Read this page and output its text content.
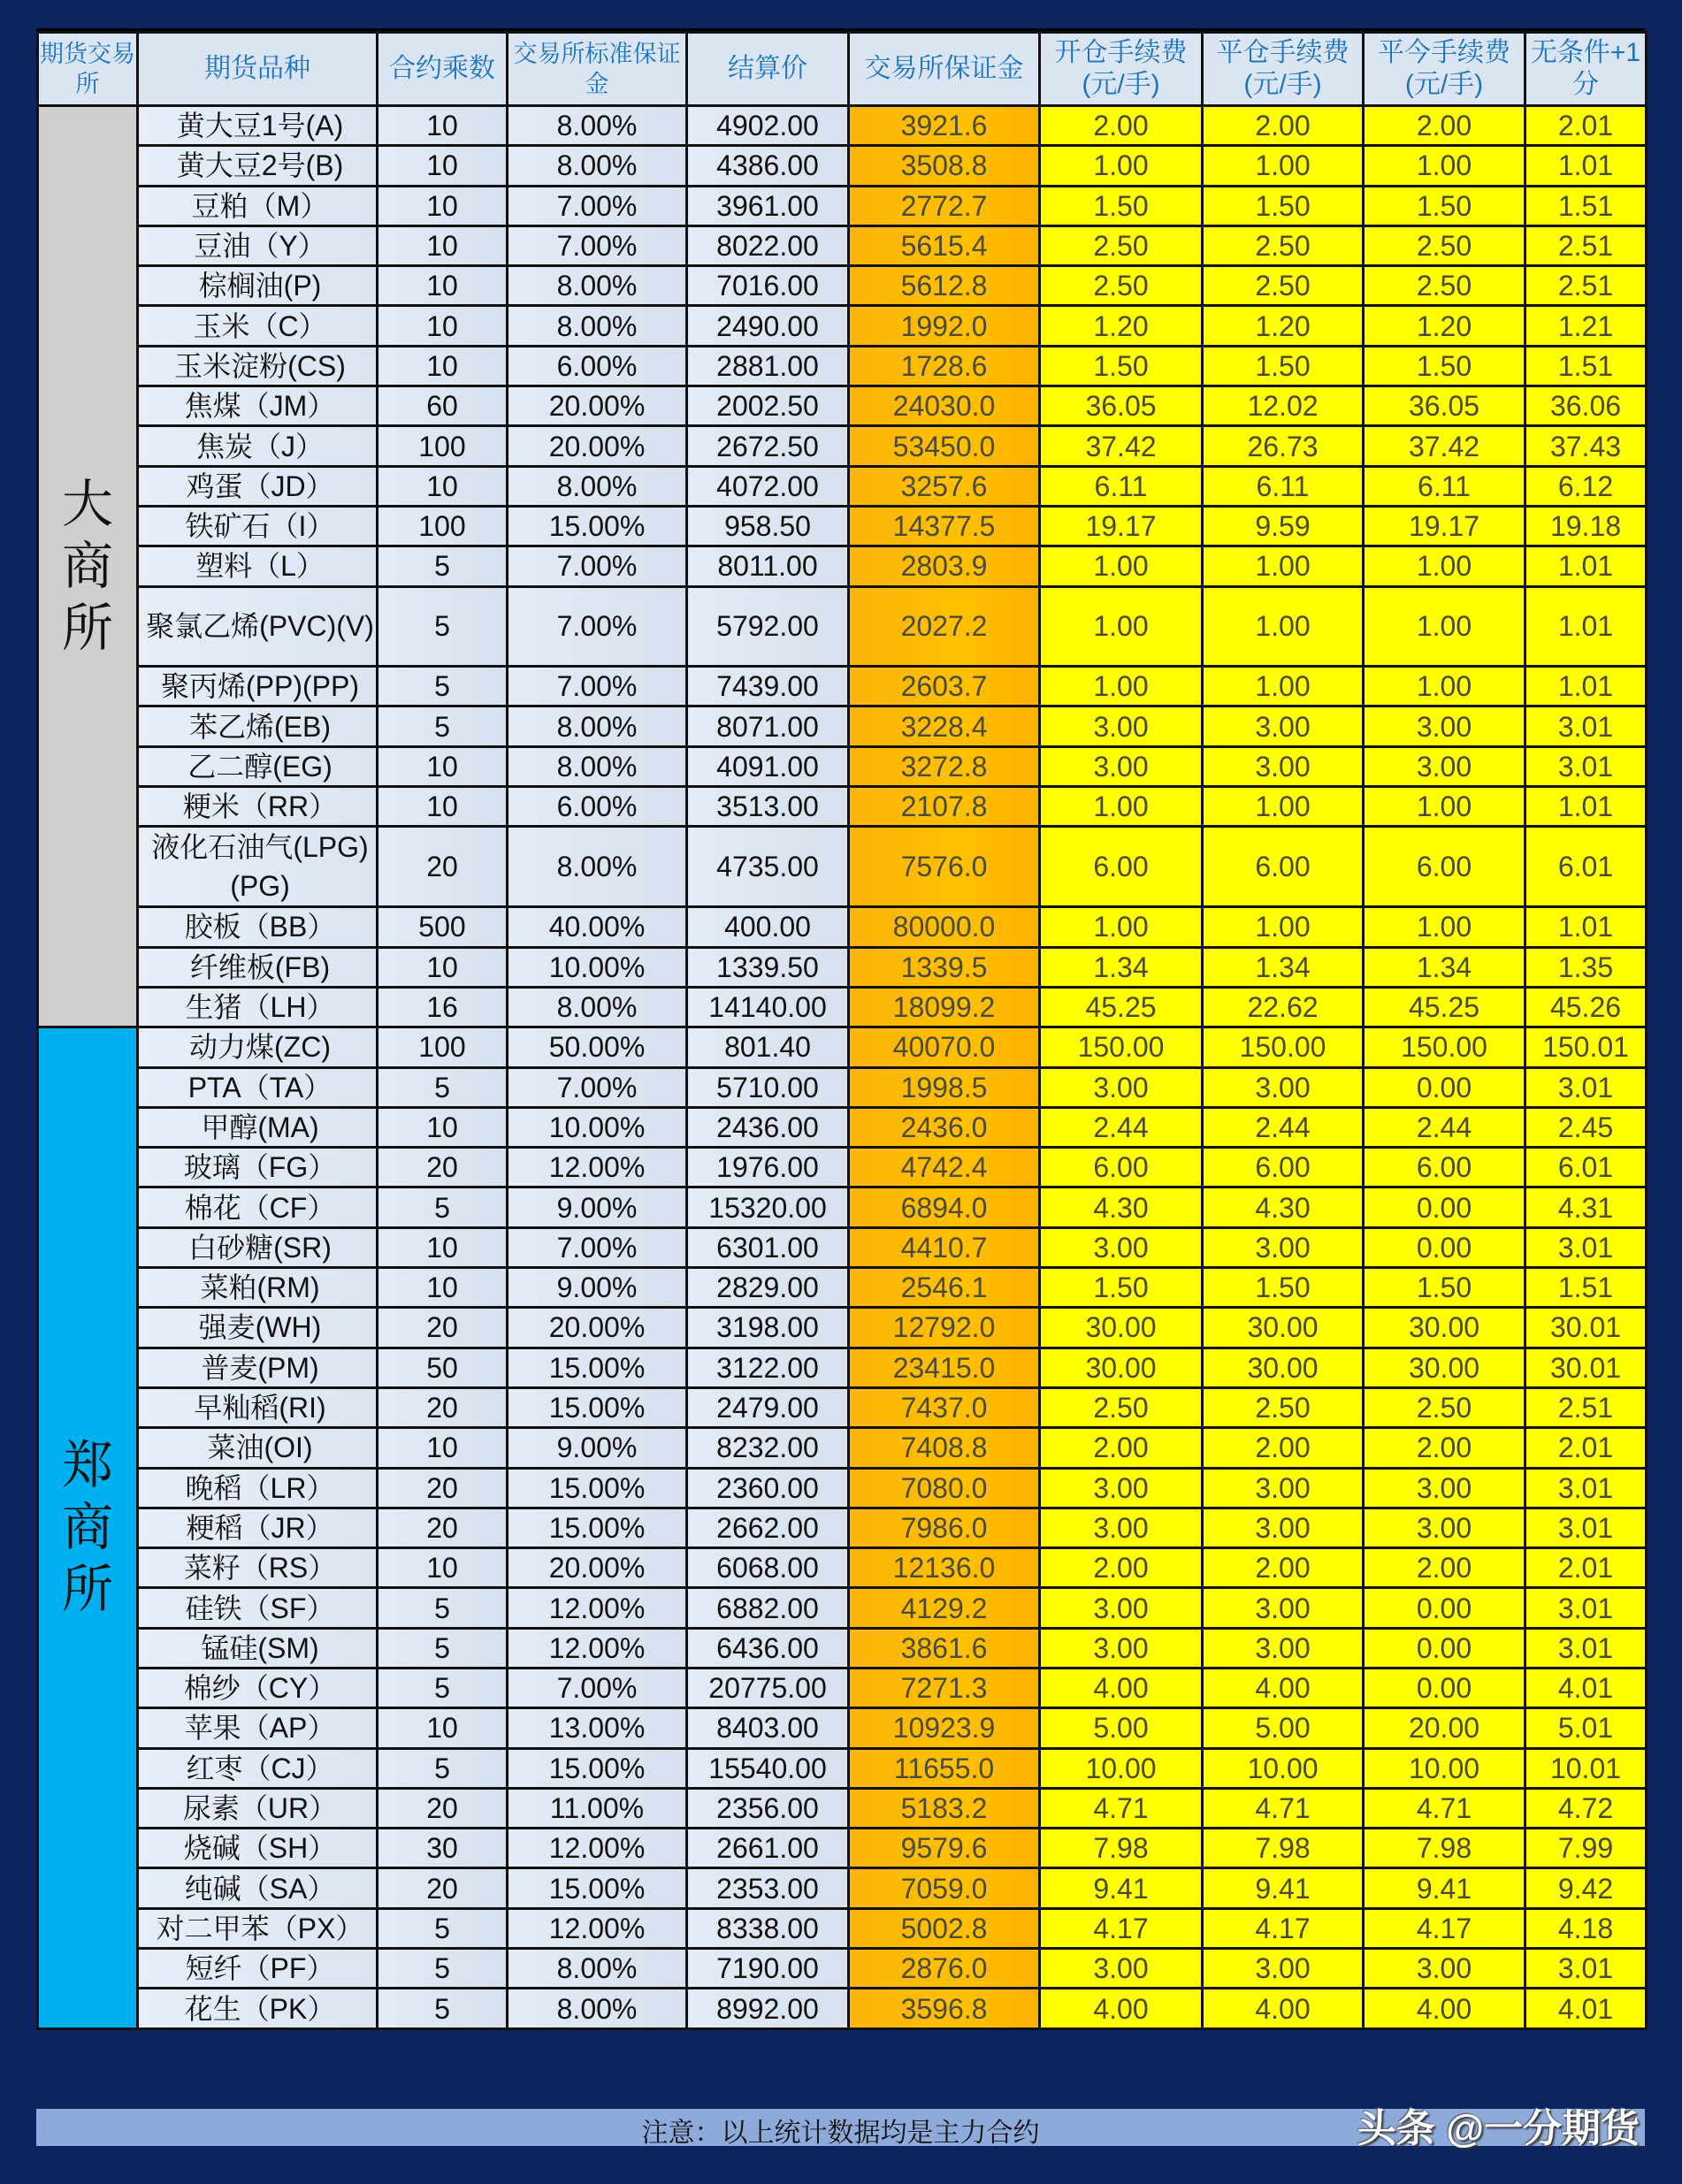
期货交易所	期货品种	合约乘数	交易所标准保证金	结算价	交易所保证金	开仓手续费(元/手)	平仓手续费(元/手)	平今手续费(元/手)	无条件+1分
大
商
所	黄大豆1号(A)	10	8.00%	4902.00	3921.6	2.00	2.00	2.00	2.01
	黄大豆2号(B)	10	8.00%	4386.00	3508.8	1.00	1.00	1.00	1.01
	豆粕（M）	10	7.00%	3961.00	2772.7	1.50	1.50	1.50	1.51
	豆油（Y）	10	7.00%	8022.00	5615.4	2.50	2.50	2.50	2.51
	棕榈油(P)	10	8.00%	7016.00	5612.8	2.50	2.50	2.50	2.51
	玉米（C）	10	8.00%	2490.00	1992.0	1.20	1.20	1.20	1.21
	玉米淀粉(CS)	10	6.00%	2881.00	1728.6	1.50	1.50	1.50	1.51
	焦煤（JM）	60	20.00%	2002.50	24030.0	36.05	12.02	36.05	36.06
	焦炭（J）	100	20.00%	2672.50	53450.0	37.42	26.73	37.42	37.43
	鸡蛋（JD）	10	8.00%	4072.00	3257.6	6.11	6.11	6.11	6.12
	铁矿石（I）	100	15.00%	958.50	14377.5	19.17	9.59	19.17	19.18
	塑料（L）	5	7.00%	8011.00	2803.9	1.00	1.00	1.00	1.01
	聚氯乙烯(PVC)(V)	5	7.00%	5792.00	2027.2	1.00	1.00	1.00	1.01
	聚丙烯(PP)(PP)	5	7.00%	7439.00	2603.7	1.00	1.00	1.00	1.01
	苯乙烯(EB)	5	8.00%	8071.00	3228.4	3.00	3.00	3.00	3.01
	乙二醇(EG)	10	8.00%	4091.00	3272.8	3.00	3.00	3.00	3.01
	粳米（RR）	10	6.00%	3513.00	2107.8	1.00	1.00	1.00	1.01
	液化石油气(LPG)(PG)	20	8.00%	4735.00	7576.0	6.00	6.00	6.00	6.01
	胶板（BB）	500	40.00%	400.00	80000.0	1.00	1.00	1.00	1.01
	纤维板(FB)	10	10.00%	1339.50	1339.5	1.34	1.34	1.34	1.35
	生猪（LH）	16	8.00%	14140.00	18099.2	45.25	22.62	45.25	45.26
郑
商
所	动力煤(ZC)	100	50.00%	801.40	40070.0	150.00	150.00	150.00	150.01
	PTA（TA）	5	7.00%	5710.00	1998.5	3.00	3.00	0.00	3.01
	甲醇(MA)	10	10.00%	2436.00	2436.0	2.44	2.44	2.44	2.45
	玻璃（FG）	20	12.00%	1976.00	4742.4	6.00	6.00	6.00	6.01
	棉花（CF）	5	9.00%	15320.00	6894.0	4.30	4.30	0.00	4.31
	白砂糖(SR)	10	7.00%	6301.00	4410.7	3.00	3.00	0.00	3.01
	菜粕(RM)	10	9.00%	2829.00	2546.1	1.50	1.50	1.50	1.51
	强麦(WH)	20	20.00%	3198.00	12792.0	30.00	30.00	30.00	30.01
	普麦(PM)	50	15.00%	3122.00	23415.0	30.00	30.00	30.00	30.01
	早籼稻(RI)	20	15.00%	2479.00	7437.0	2.50	2.50	2.50	2.51
	菜油(OI)	10	9.00%	8232.00	7408.8	2.00	2.00	2.00	2.01
	晚稻（LR）	20	15.00%	2360.00	7080.0	3.00	3.00	3.00	3.01
	粳稻（JR）	20	15.00%	2662.00	7986.0	3.00	3.00	3.00	3.01
	菜籽（RS）	10	20.00%	6068.00	12136.0	2.00	2.00	2.00	2.01
	硅铁（SF）	5	12.00%	6882.00	4129.2	3.00	3.00	0.00	3.01
	锰硅(SM)	5	12.00%	6436.00	3861.6	3.00	3.00	0.00	3.01
	棉纱（CY）	5	7.00%	20775.00	7271.3	4.00	4.00	0.00	4.01
	苹果（AP）	10	13.00%	8403.00	10923.9	5.00	5.00	20.00	5.01
	红枣（CJ）	5	15.00%	15540.00	11655.0	10.00	10.00	10.00	10.01
	尿素（UR）	20	11.00%	2356.00	5183.2	4.71	4.71	4.71	4.72
	烧碱（SH）	30	12.00%	2661.00	9579.6	7.98	7.98	7.98	7.99
	纯碱（SA）	20	15.00%	2353.00	7059.0	9.41	9.41	9.41	9.42
	对二甲苯（PX）	5	12.00%	8338.00	5002.8	4.17	4.17	4.17	4.18
	短纤（PF）	5	8.00%	7190.00	2876.0	3.00	3.00	3.00	3.01
	花生（PK）	5	8.00%	8992.00	3596.8	4.00	4.00	4.00	4.01
注意：以上统计数据均是主力合约	头条 @一分期货
